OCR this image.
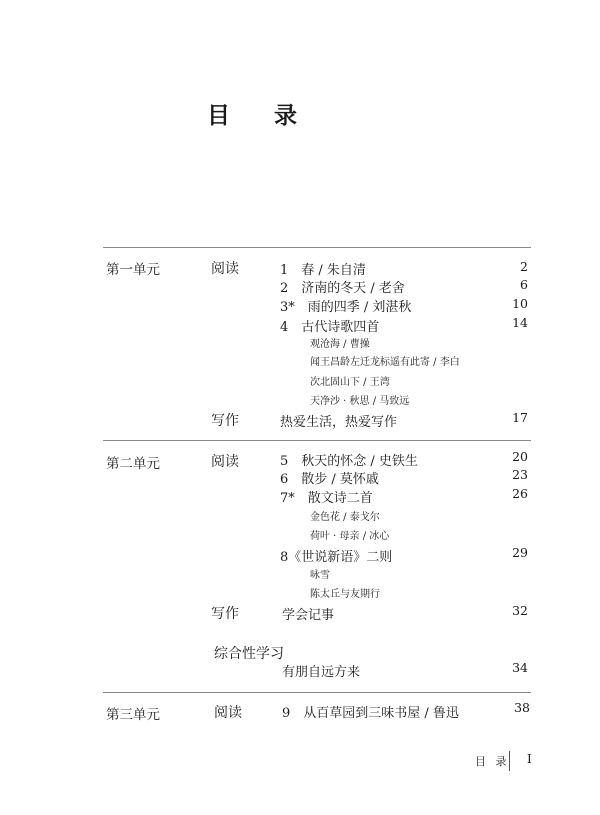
目 录
第一单元	阅读	1　春 / 朱自清	2
2　济南的冬天 / 老舍	6
3*　雨的四季 / 刘湛秋	10
4　古代诗歌四首	14
观沧海 / 曹操
闻王昌龄左迁龙标遥有此寄 / 李白
次北固山下 / 王湾
天净沙 · 秋思 / 马致远
写作	热爱生活，热爱写作	17
第二单元	阅读	5　秋天的怀念 / 史铁生	20
6　散步 / 莫怀戚	23
7*　散文诗二首	26
金色花 / 泰戈尔
荷叶 · 母亲 / 冰心
8《世说新语》二则	29
咏雪
陈太丘与友期行
写作	学会记事	32
综合性学习
有朋自远方来	34
第三单元	阅读	9　从百草园到三味书屋 / 鲁迅	38
目 录 I
